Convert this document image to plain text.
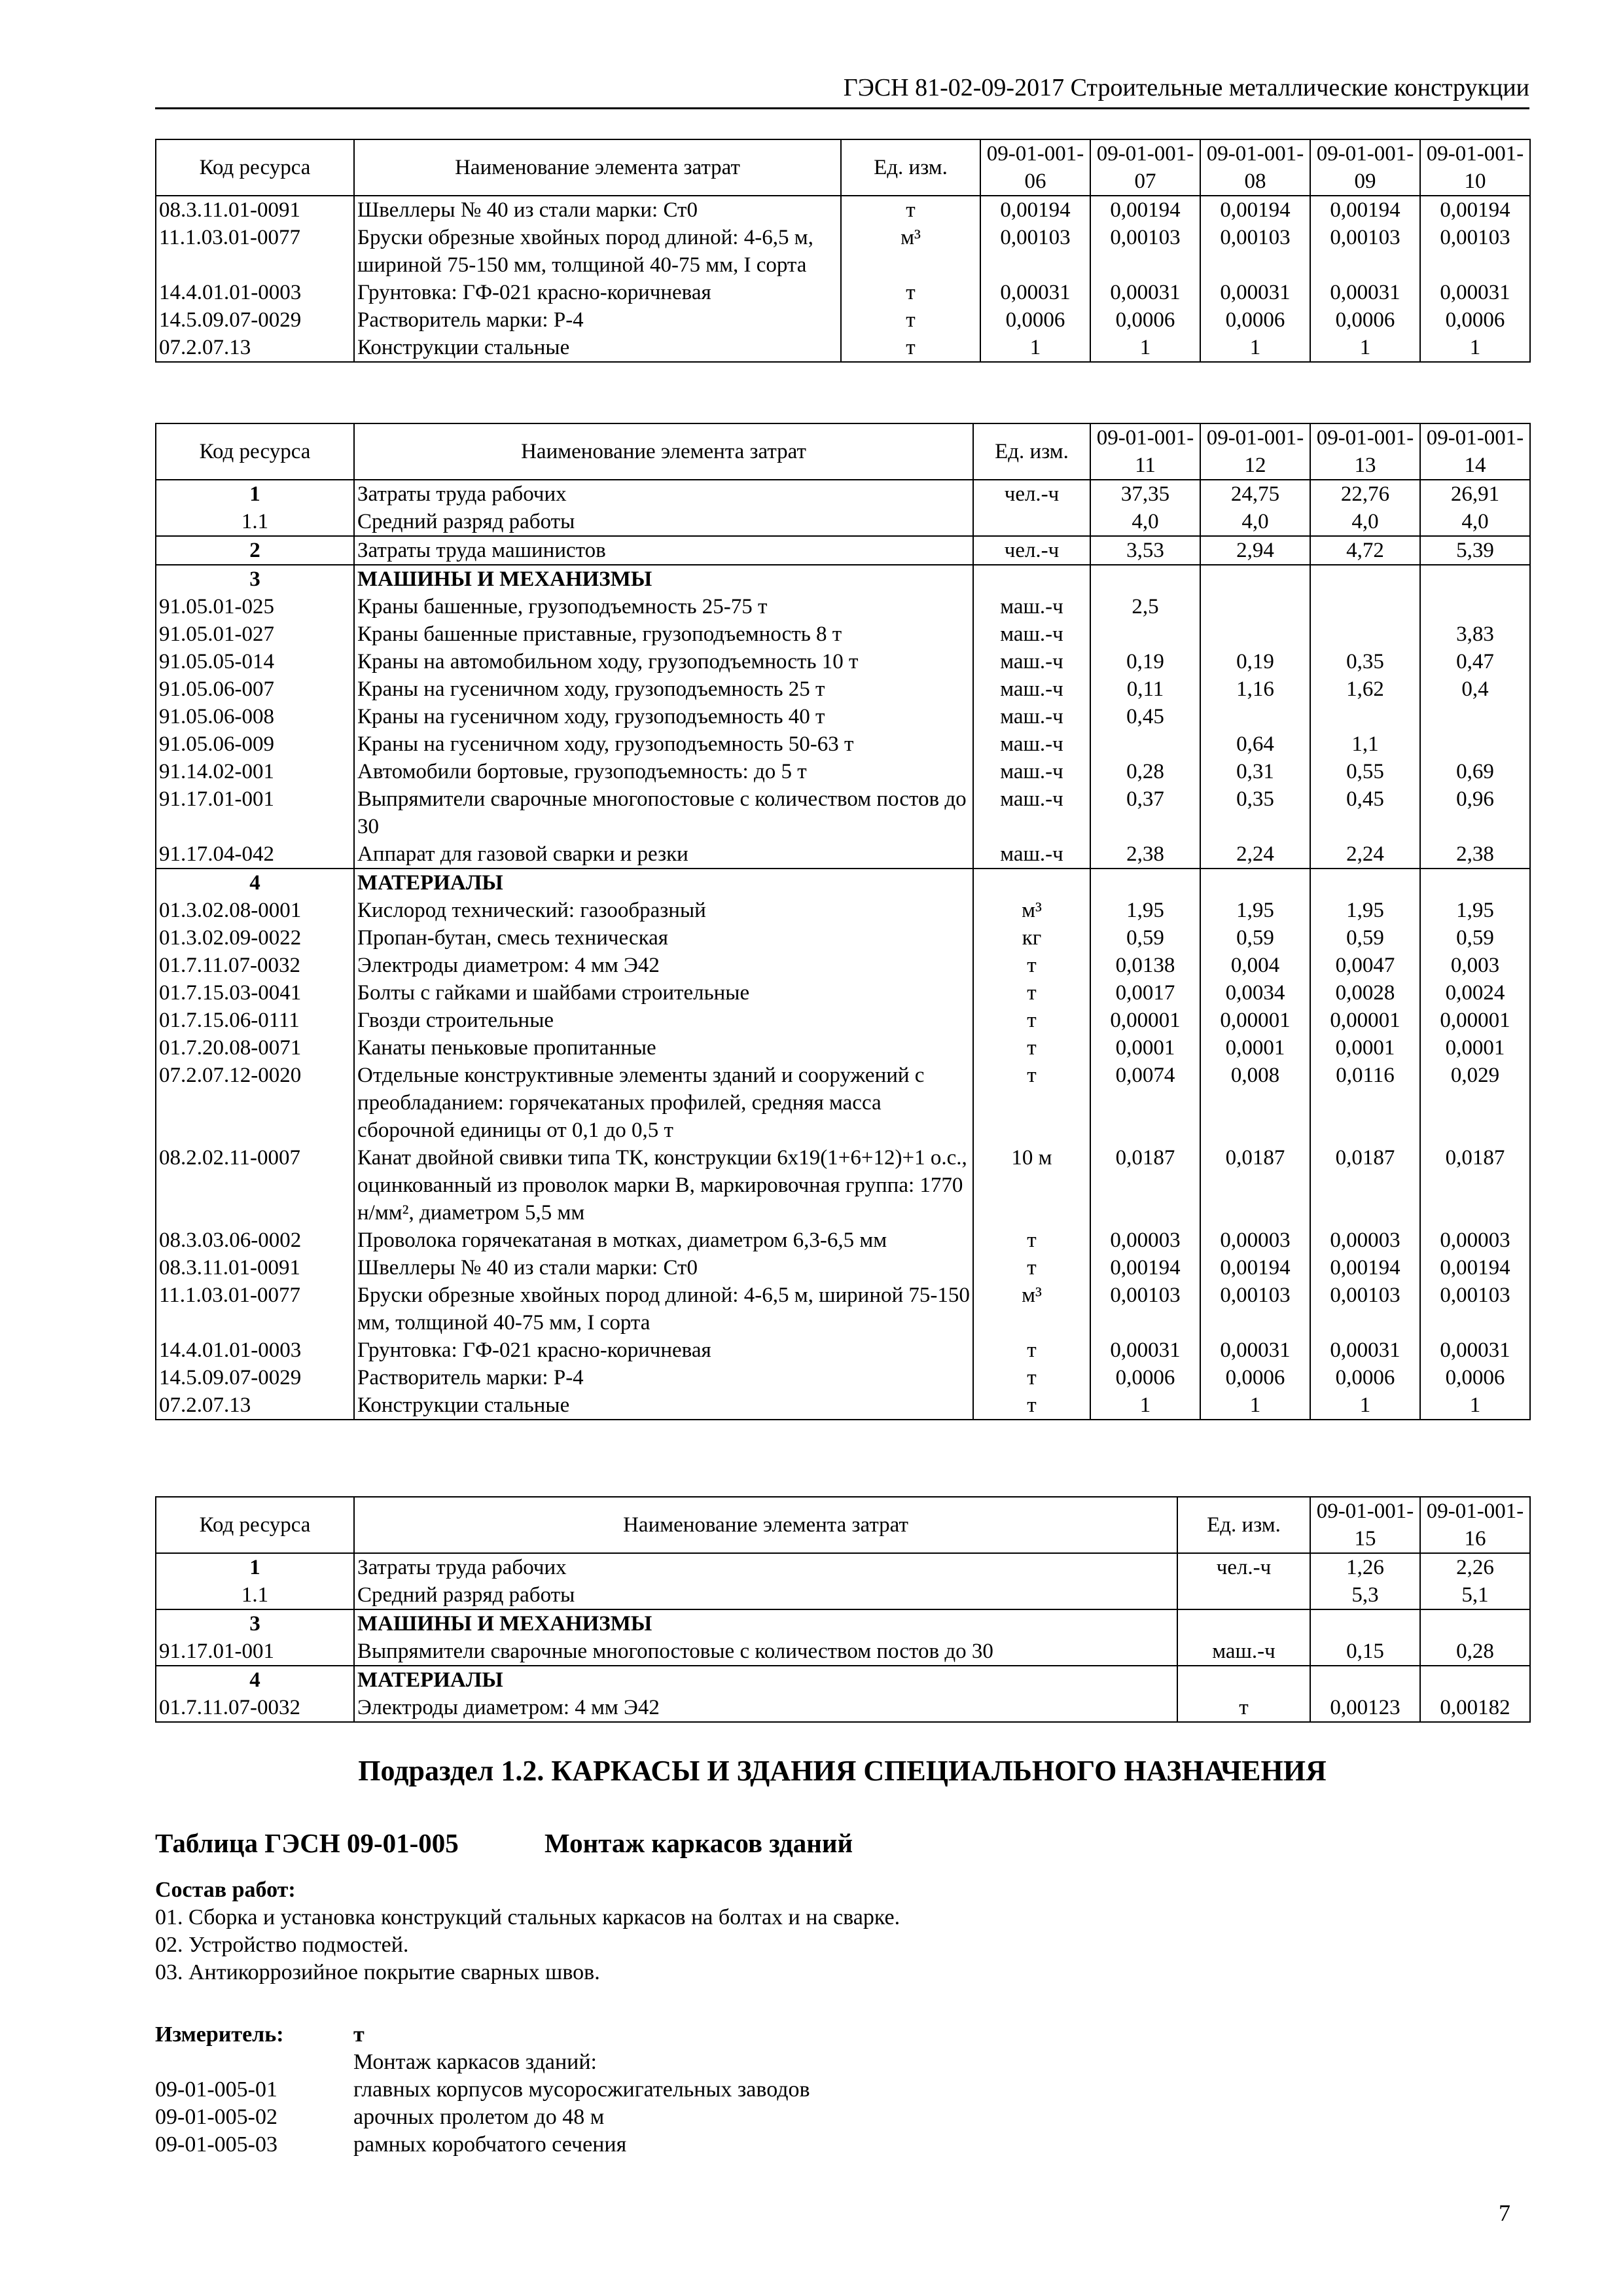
ГЭСН 81-02-09-2017 Строительные металлические конструкции
Код ресурса	Наименование элемента затрат	Ед. изм.	09-01-001-06	09-01-001-07	09-01-001-08	09-01-001-09	09-01-001-10
08.3.11.01-0091	Швеллеры № 40 из стали марки: Ст0	т	0,00194	0,00194	0,00194	0,00194	0,00194
11.1.03.01-0077	Бруски обрезные хвойных пород длиной: 4-6,5 м, шириной 75-150 мм, толщиной 40-75 мм, I сорта	м³	0,00103	0,00103	0,00103	0,00103	0,00103
14.4.01.01-0003	Грунтовка: ГФ-021 красно-коричневая	т	0,00031	0,00031	0,00031	0,00031	0,00031
14.5.09.07-0029	Растворитель марки: Р-4	т	0,0006	0,0006	0,0006	0,0006	0,0006
07.2.07.13	Конструкции стальные	т	1	1	1	1	1
Код ресурса	Наименование элемента затрат	Ед. изм.	09-01-001-11	09-01-001-12	09-01-001-13	09-01-001-14
1	Затраты труда рабочих	чел.-ч	37,35	24,75	22,76	26,91
1.1	Средний разряд работы		4,0	4,0	4,0	4,0
2	Затраты труда машинистов	чел.-ч	3,53	2,94	4,72	5,39
3	МАШИНЫ И МЕХАНИЗМЫ					
91.05.01-025	Краны башенные, грузоподъемность 25-75 т	маш.-ч	2,5			
91.05.01-027	Краны башенные приставные, грузоподъемность 8 т	маш.-ч				3,83
91.05.05-014	Краны на автомобильном ходу, грузоподъемность 10 т	маш.-ч	0,19	0,19	0,35	0,47
91.05.06-007	Краны на гусеничном ходу, грузоподъемность 25 т	маш.-ч	0,11	1,16	1,62	0,4
91.05.06-008	Краны на гусеничном ходу, грузоподъемность 40 т	маш.-ч	0,45			
91.05.06-009	Краны на гусеничном ходу, грузоподъемность 50-63 т	маш.-ч		0,64	1,1	
91.14.02-001	Автомобили бортовые, грузоподъемность: до 5 т	маш.-ч	0,28	0,31	0,55	0,69
91.17.01-001	Выпрямители сварочные многопостовые с количеством постов до 30	маш.-ч	0,37	0,35	0,45	0,96
91.17.04-042	Аппарат для газовой сварки и резки	маш.-ч	2,38	2,24	2,24	2,38
4	МАТЕРИАЛЫ					
01.3.02.08-0001	Кислород технический: газообразный	м³	1,95	1,95	1,95	1,95
01.3.02.09-0022	Пропан-бутан, смесь техническая	кг	0,59	0,59	0,59	0,59
01.7.11.07-0032	Электроды диаметром: 4 мм Э42	т	0,0138	0,004	0,0047	0,003
01.7.15.03-0041	Болты с гайками и шайбами строительные	т	0,0017	0,0034	0,0028	0,0024
01.7.15.06-0111	Гвозди строительные	т	0,00001	0,00001	0,00001	0,00001
01.7.20.08-0071	Канаты пеньковые пропитанные	т	0,0001	0,0001	0,0001	0,0001
07.2.07.12-0020	Отдельные конструктивные элементы зданий и сооружений с преобладанием: горячекатаных профилей, средняя масса сборочной единицы от 0,1 до 0,5 т	т	0,0074	0,008	0,0116	0,029
08.2.02.11-0007	Канат двойной свивки типа ТК, конструкции 6х19(1+6+12)+1 о.с., оцинкованный из проволок марки В, маркировочная группа: 1770 н/мм², диаметром 5,5 мм	10 м	0,0187	0,0187	0,0187	0,0187
08.3.03.06-0002	Проволока горячекатаная в мотках, диаметром 6,3-6,5 мм	т	0,00003	0,00003	0,00003	0,00003
08.3.11.01-0091	Швеллеры № 40 из стали марки: Ст0	т	0,00194	0,00194	0,00194	0,00194
11.1.03.01-0077	Бруски обрезные хвойных пород длиной: 4-6,5 м, шириной 75-150 мм, толщиной 40-75 мм, I сорта	м³	0,00103	0,00103	0,00103	0,00103
14.4.01.01-0003	Грунтовка: ГФ-021 красно-коричневая	т	0,00031	0,00031	0,00031	0,00031
14.5.09.07-0029	Растворитель марки: Р-4	т	0,0006	0,0006	0,0006	0,0006
07.2.07.13	Конструкции стальные	т	1	1	1	1
Код ресурса	Наименование элемента затрат	Ед. изм.	09-01-001-15	09-01-001-16
1	Затраты труда рабочих	чел.-ч	1,26	2,26
1.1	Средний разряд работы		5,3	5,1
3	МАШИНЫ И МЕХАНИЗМЫ			
91.17.01-001	Выпрямители сварочные многопостовые с количеством постов до 30	маш.-ч	0,15	0,28
4	МАТЕРИАЛЫ			
01.7.11.07-0032	Электроды диаметром: 4 мм Э42	т	0,00123	0,00182
Подраздел 1.2. КАРКАСЫ И ЗДАНИЯ СПЕЦИАЛЬНОГО НАЗНАЧЕНИЯ
Таблица ГЭСН 09-01-005	Монтаж каркасов зданий
Состав работ:
01. Сборка и установка конструкций стальных каркасов на болтах и на сварке.
02. Устройство подмостей.
03. Антикоррозийное покрытие сварных швов.
Измеритель:	т
Монтаж каркасов зданий:
09-01-005-01	главных корпусов мусоросжигательных заводов
09-01-005-02	арочных пролетом до 48 м
09-01-005-03	рамных коробчатого сечения
7
